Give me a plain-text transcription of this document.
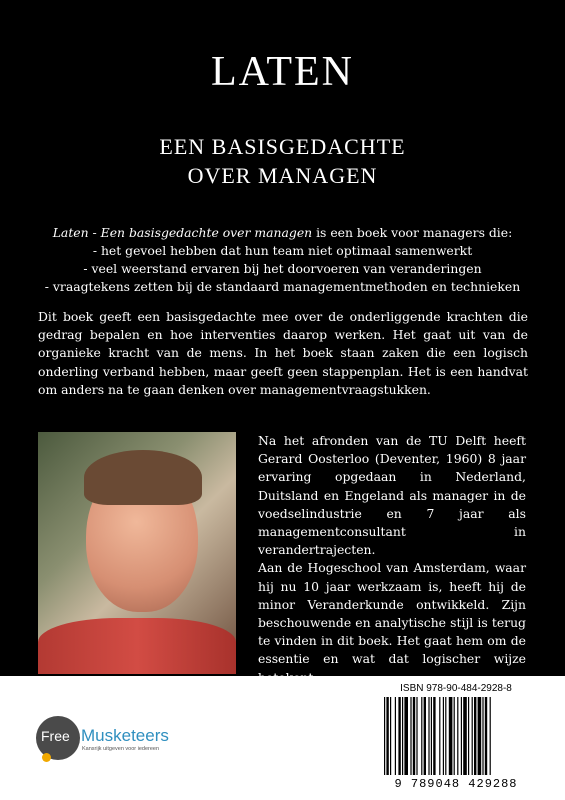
LATEN
EEN BASISGEDACHTE
OVER MANAGEN
Laten - Een basisgedachte over managen is een boek voor managers die:
- het gevoel hebben dat hun team niet optimaal samenwerkt
- veel weerstand ervaren bij het doorvoeren van veranderingen
- vraagtekens zetten bij de standaard managementmethoden en technieken
Dit boek geeft een basisgedachte mee over de onderliggende krachten die gedrag bepalen en hoe interventies daarop werken. Het gaat uit van de organieke kracht van de mens. In het boek staan zaken die een logisch onderling verband hebben, maar geeft geen stappenplan. Het is een handvat om anders na te gaan denken over managementvraagstukken.

Na het afronden van de TU Delft heeft Gerard Oosterloo (Deventer, 1960) 8 jaar ervaring opgedaan in Nederland, Duitsland en Engeland als manager in de voedselindustrie en 7 jaar als managementconsultant in verandertrajecten.

Aan de Hogeschool van Amsterdam, waar hij nu 10 jaar werkzaam is, heeft hij de minor Veranderkunde ontwikkeld. Zijn beschouwende en analytische stijl is terug te vinden in dit boek. Het gaat hem om de essentie en wat dat logischer wijze

Free Musketeers
Kansrijk uitgeven voor iedereen
ISBN 978-90-484-2928-8
9 789048 429288
